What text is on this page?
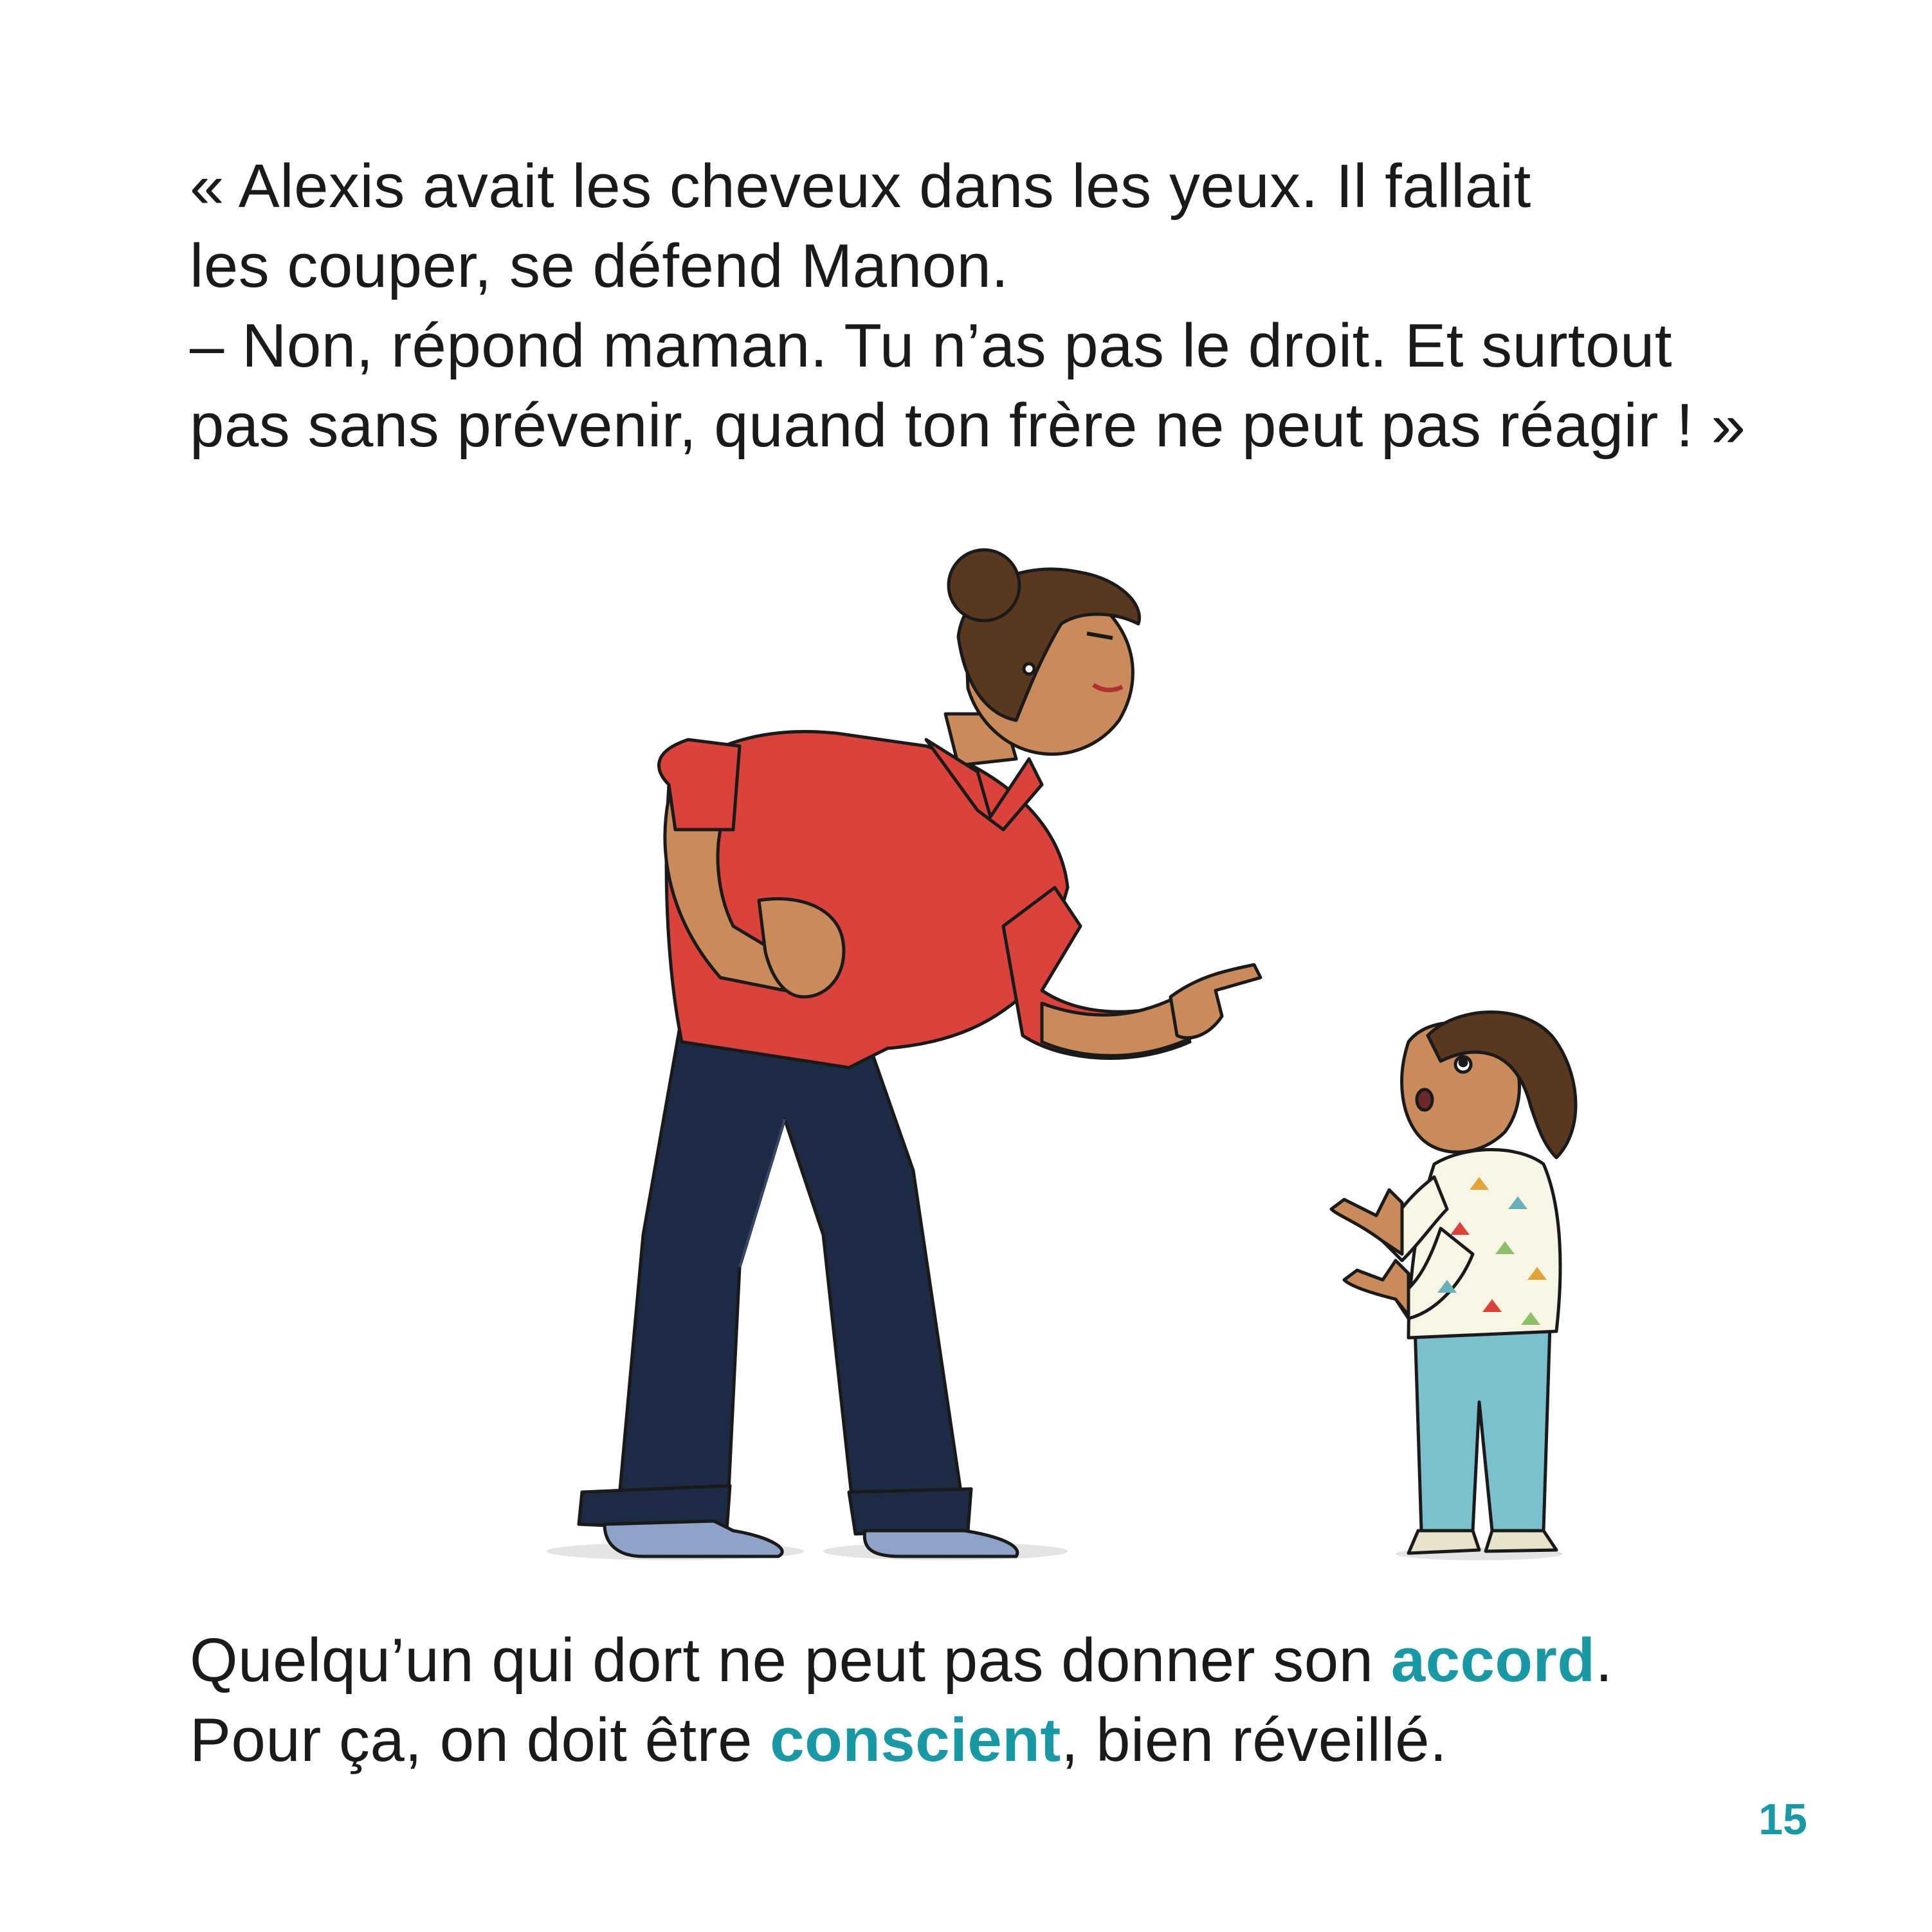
« Alexis avait les cheveux dans les yeux. Il fallait
les couper, se défend Manon.
– Non, répond maman. Tu n’as pas le droit. Et surtout
pas sans prévenir, quand ton frère ne peut pas réagir ! »
Quelqu’un qui dort ne peut pas donner son accord.
Pour ça, on doit être conscient, bien réveillé.
15
